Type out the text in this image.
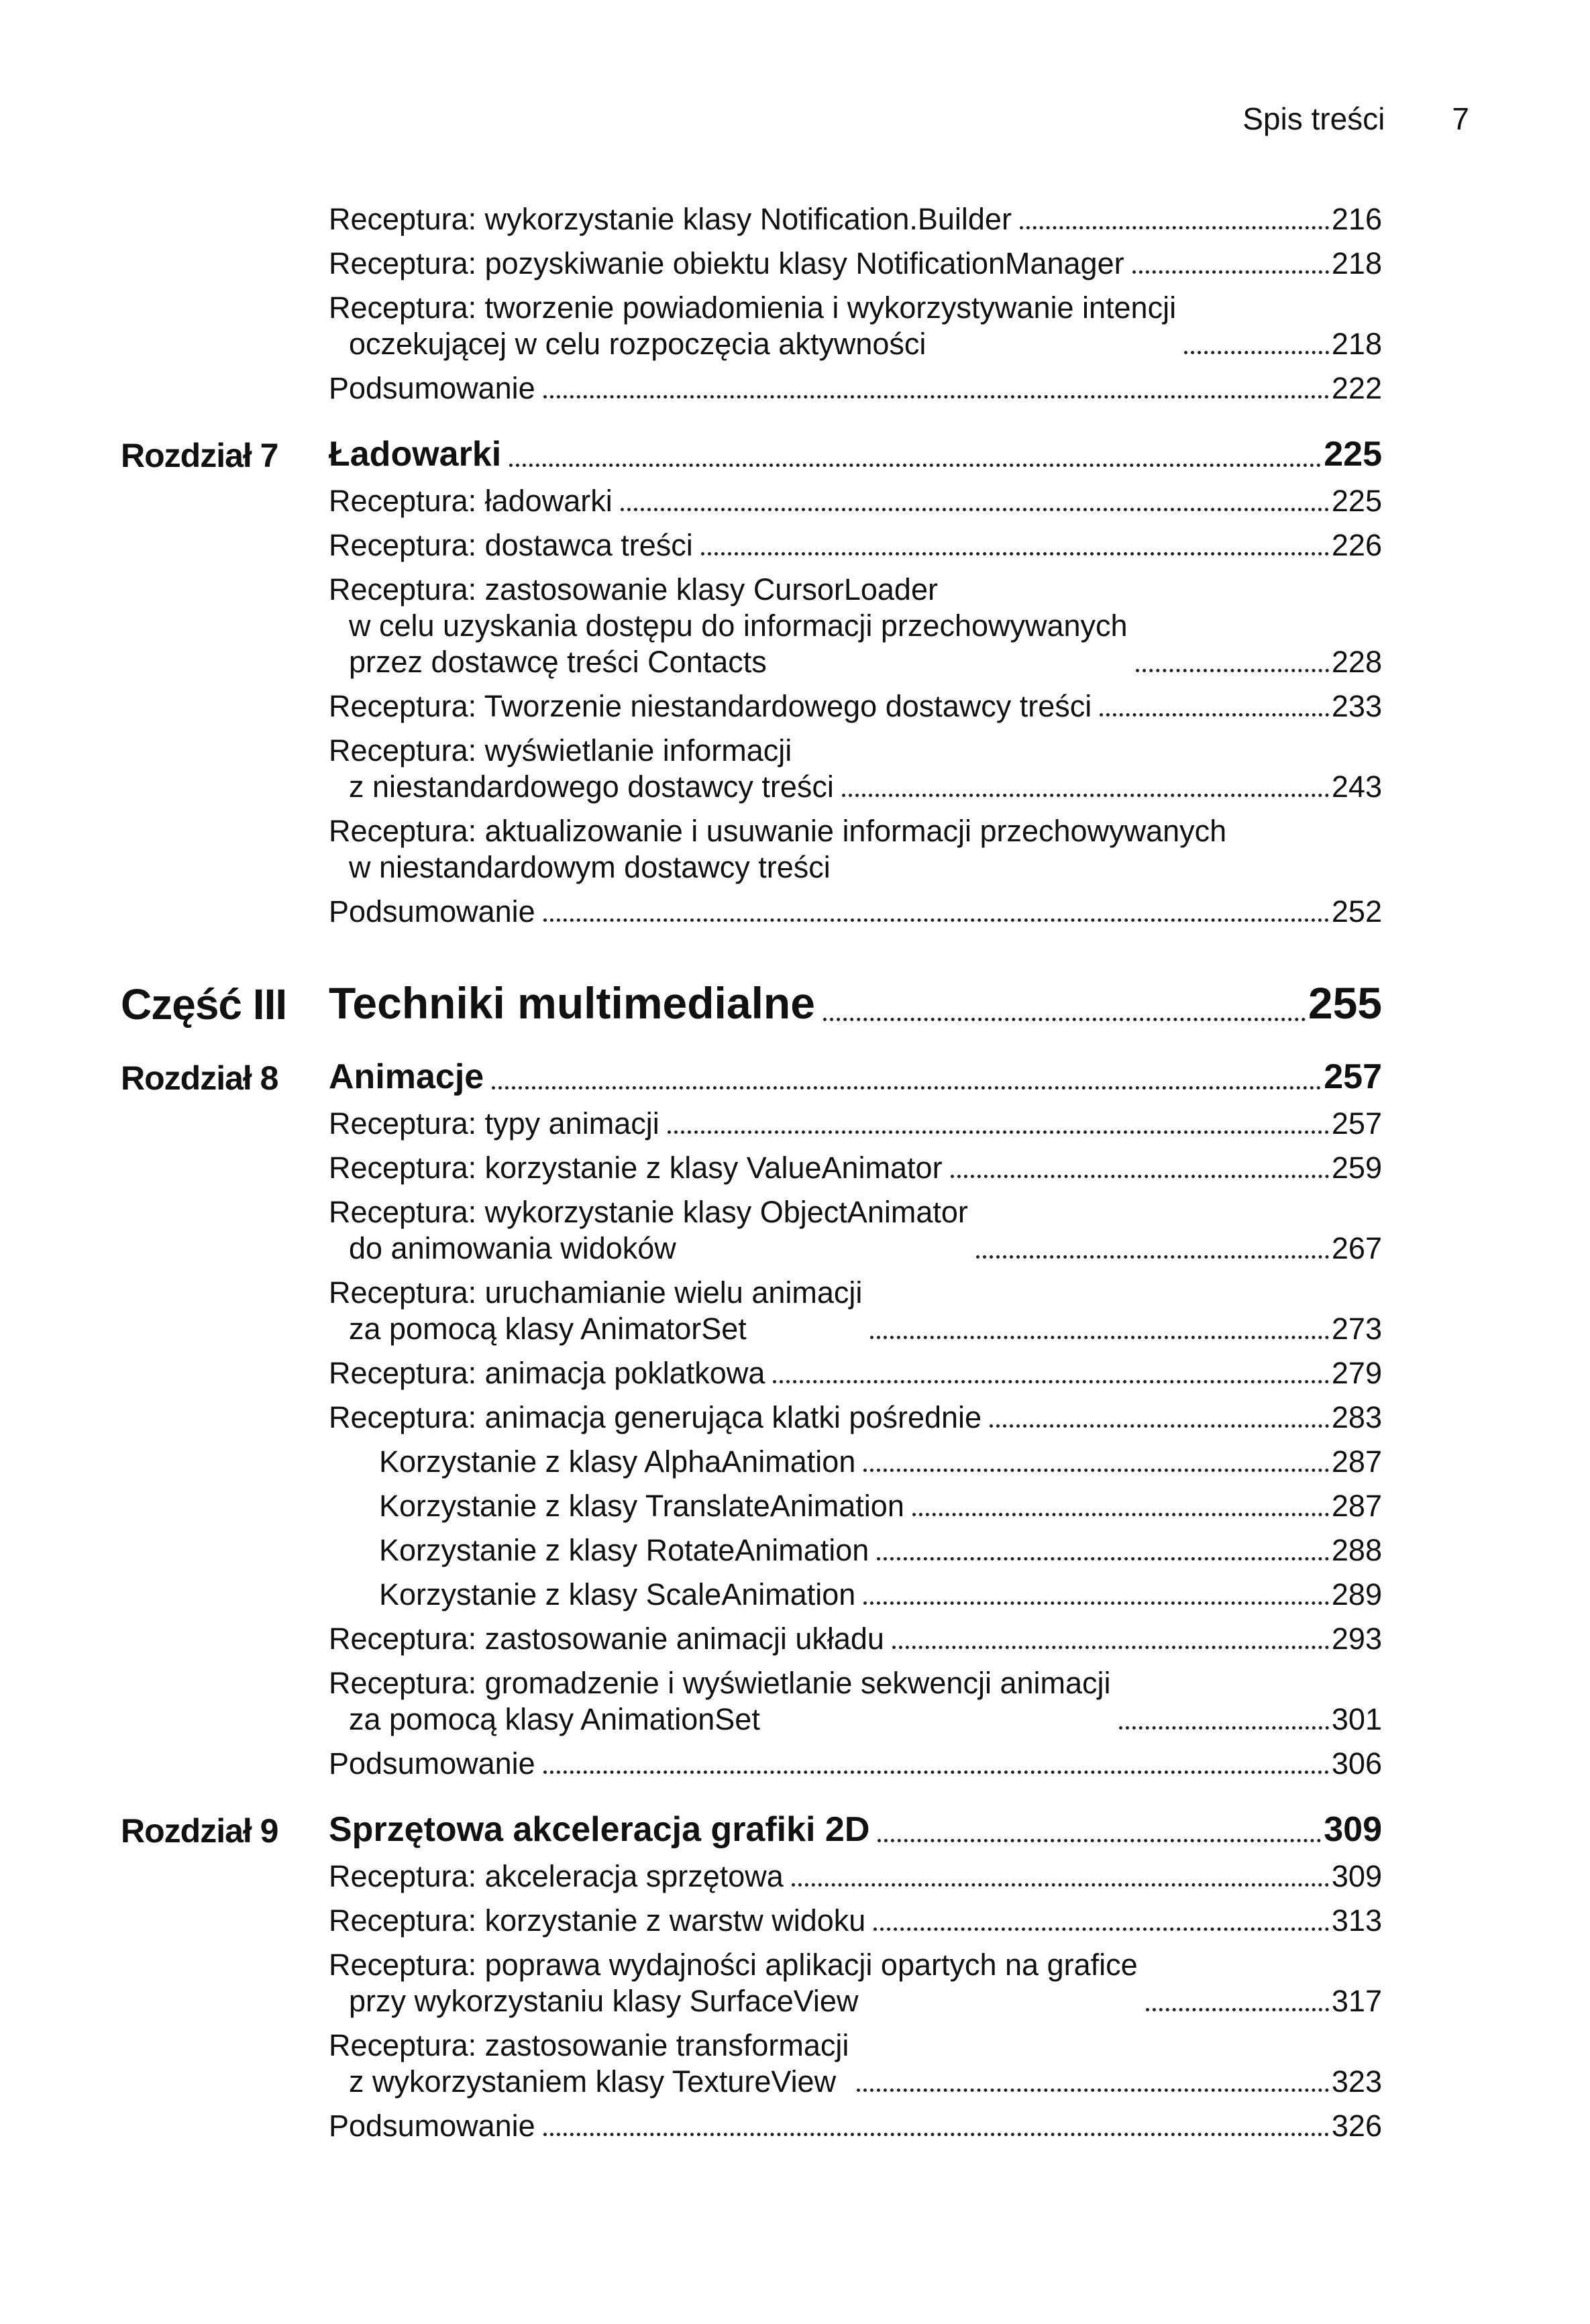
Spis treści 7
Receptura: wykorzystanie klasy Notification.Builder	216
Receptura: pozyskiwanie obiektu klasy NotificationManager	218
Receptura: tworzenie powiadomienia i wykorzystywanie intencji
oczekującej w celu rozpoczęcia aktywności	218
Podsumowanie	222
Rozdział 7	Ładowarki	225
Receptura: ładowarki	225
Receptura: dostawca treści	226
Receptura: zastosowanie klasy CursorLoader
w celu uzyskania dostępu do informacji przechowywanych
przez dostawcę treści Contacts	228
Receptura: Tworzenie niestandardowego dostawcy treści	233
Receptura: wyświetlanie informacji
z niestandardowego dostawcy treści	243
Receptura: aktualizowanie i usuwanie informacji przechowywanych
w niestandardowym dostawcy treści
Podsumowanie	252
Część III Techniki multimedialne	255
Rozdział 8	Animacje	257
Receptura: typy animacji	257
Receptura: korzystanie z klasy ValueAnimator	259
Receptura: wykorzystanie klasy ObjectAnimator
do animowania widoków	267
Receptura: uruchamianie wielu animacji
za pomocą klasy AnimatorSet	273
Receptura: animacja poklatkowa	279
Receptura: animacja generująca klatki pośrednie	283
Korzystanie z klasy AlphaAnimation	287
Korzystanie z klasy TranslateAnimation	287
Korzystanie z klasy RotateAnimation	288
Korzystanie z klasy ScaleAnimation	289
Receptura: zastosowanie animacji układu	293
Receptura: gromadzenie i wyświetlanie sekwencji animacji
za pomocą klasy AnimationSet	301
Podsumowanie	306
Rozdział 9	Sprzętowa akceleracja grafiki 2D	309
Receptura: akceleracja sprzętowa	309
Receptura: korzystanie z warstw widoku	313
Receptura: poprawa wydajności aplikacji opartych na grafice
przy wykorzystaniu klasy SurfaceView	317
Receptura: zastosowanie transformacji
z wykorzystaniem klasy TextureView	323
Podsumowanie	326
